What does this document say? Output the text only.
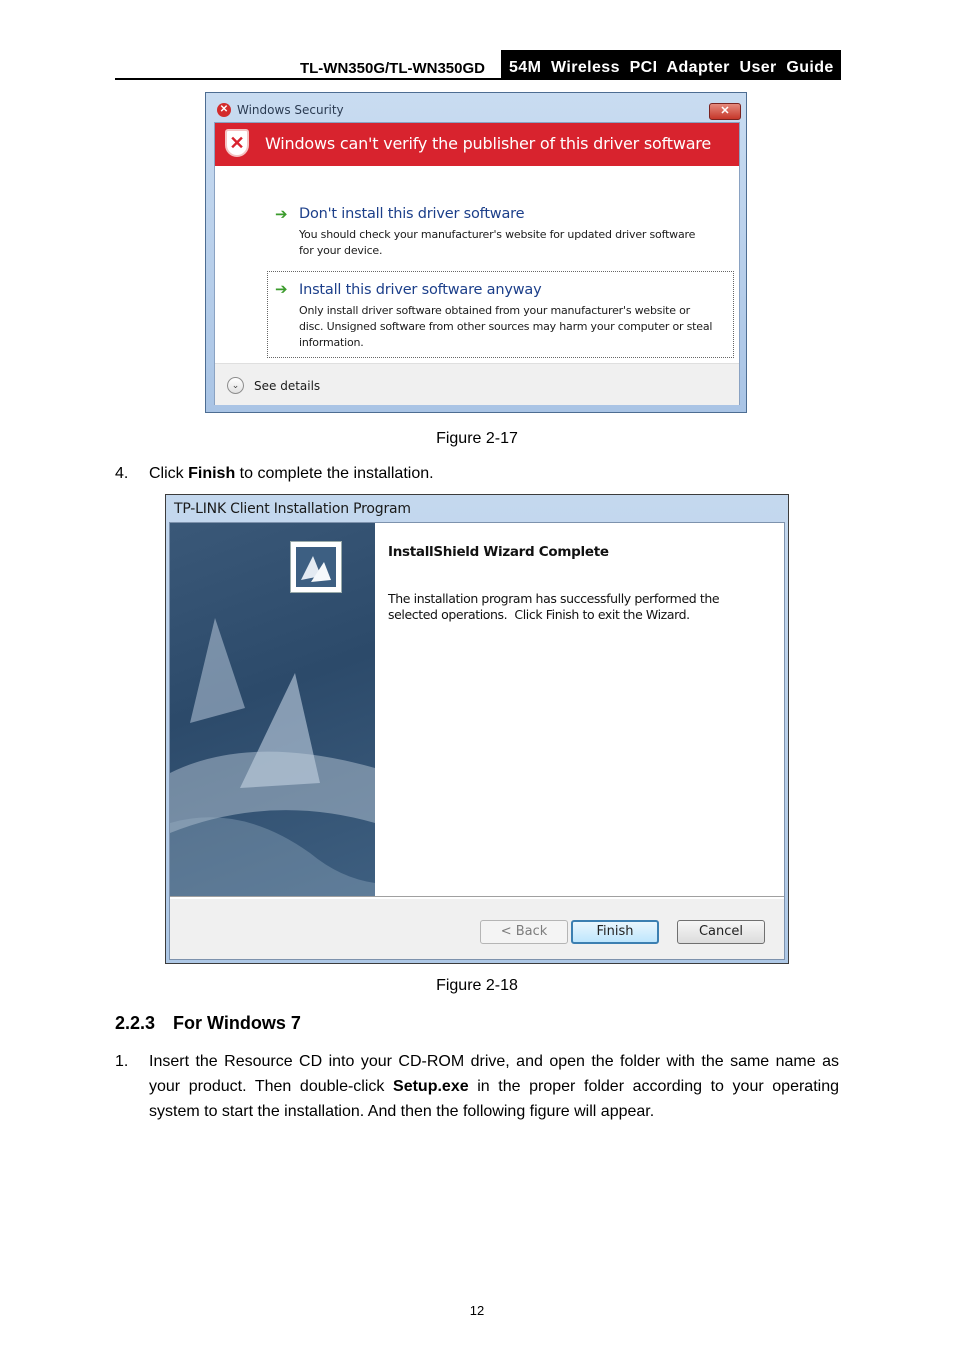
TL-WN350G/TL-WN350GD 54M  Wireless  PCI  Adapter  User  Guide
✕ Windows Security	✕
✕ Windows can't verify the publisher of this driver software
➔ Don't install this driver software
You should check your manufacturer's website for updated driver software
for your device.
➔ Install this driver software anyway
Only install driver software obtained from your manufacturer's website or
disc. Unsigned software from other sources may harm your computer or steal
information.
⌄	See details
Figure 2-17
4. Click Finish to complete the installation.
TP-LINK Client Installation Program
InstallShield Wizard Complete
The installation program has successfully performed the
selected operations.  Click Finish to exit the Wizard.
< Back	Finish	Cancel
Figure 2-18
2.2.3 For Windows 7
1. Insert the Resource CD into your CD-ROM drive, and open the folder with the same name as
your product. Then double-click Setup.exe in the proper folder according to your operating
system to start the installation. And then the following figure will appear.
12
